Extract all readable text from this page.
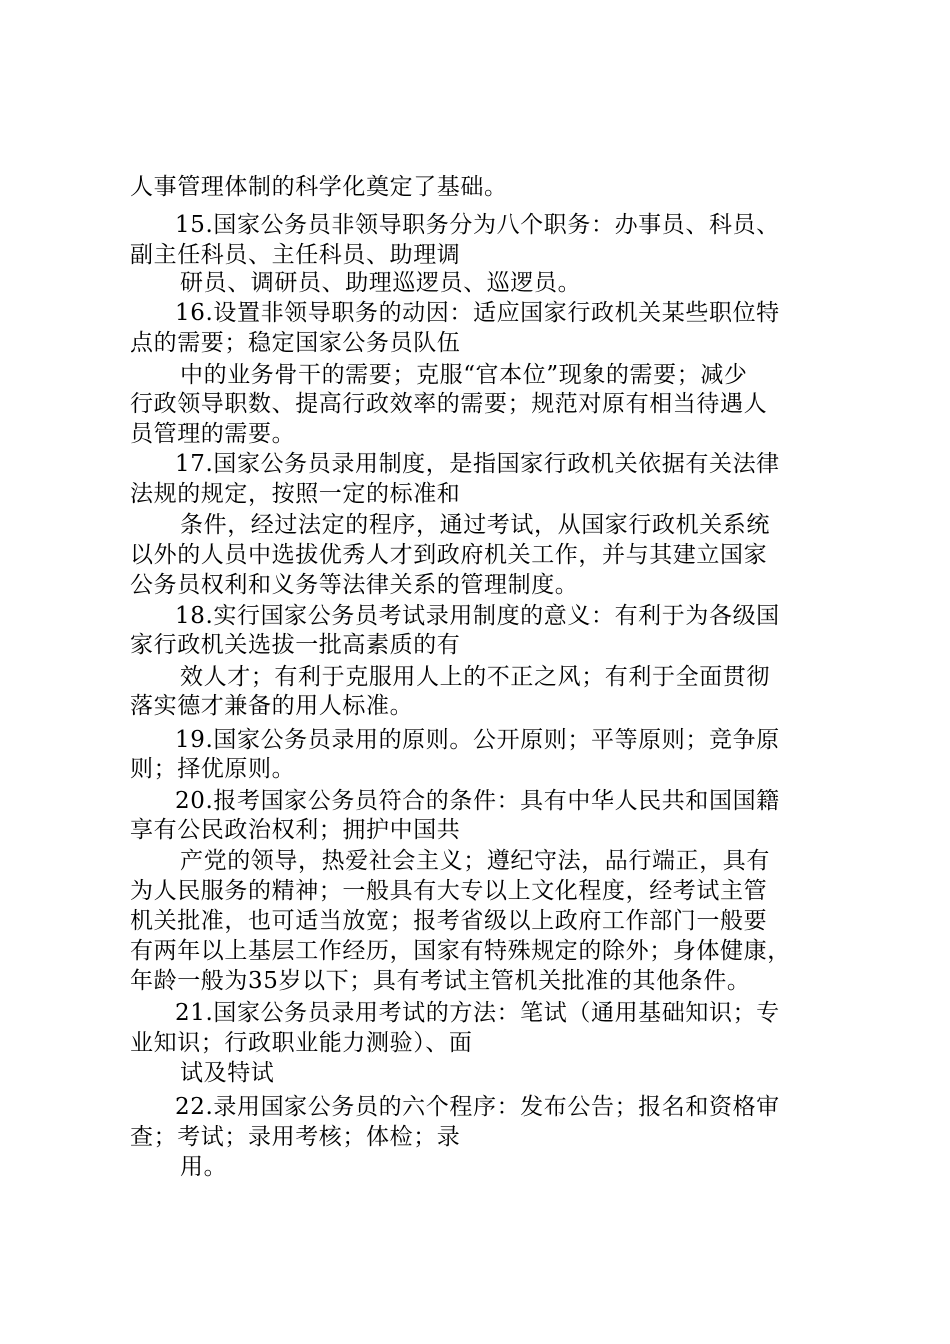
人事管理体制的科学化奠定了基础。
15.国家公务员非领导职务分为八个职务：办事员、科员、
副主任科员、主任科员、助理调
研员、调研员、助理巡逻员、巡逻员。
16.设置非领导职务的动因：适应国家行政机关某些职位特
点的需要；稳定国家公务员队伍
中的业务骨干的需要；克服“官本位”现象的需要；减少
行政领导职数、提高行政效率的需要；规范对原有相当待遇人
员管理的需要。
17.国家公务员录用制度，是指国家行政机关依据有关法律
法规的规定，按照一定的标准和
条件，经过法定的程序，通过考试，从国家行政机关系统
以外的人员中选拔优秀人才到政府机关工作，并与其建立国家
公务员权利和义务等法律关系的管理制度。
18.实行国家公务员考试录用制度的意义：有利于为各级国
家行政机关选拔一批高素质的有
效人才；有利于克服用人上的不正之风；有利于全面贯彻
落实德才兼备的用人标准。
19.国家公务员录用的原则。公开原则；平等原则；竞争原
则；择优原则。
20.报考国家公务员符合的条件：具有中华人民共和国国籍
享有公民政治权利；拥护中国共
产党的领导，热爱社会主义；遵纪守法，品行端正，具有
为人民服务的精神；一般具有大专以上文化程度，经考试主管
机关批准，也可适当放宽；报考省级以上政府工作部门一般要
有两年以上基层工作经历，国家有特殊规定的除外；身体健康，
年龄一般为35岁以下；具有考试主管机关批准的其他条件。
21.国家公务员录用考试的方法：笔试（通用基础知识；专
业知识；行政职业能力测验）、面
试及特试
22.录用国家公务员的六个程序：发布公告；报名和资格审
查；考试；录用考核；体检；录
用。
